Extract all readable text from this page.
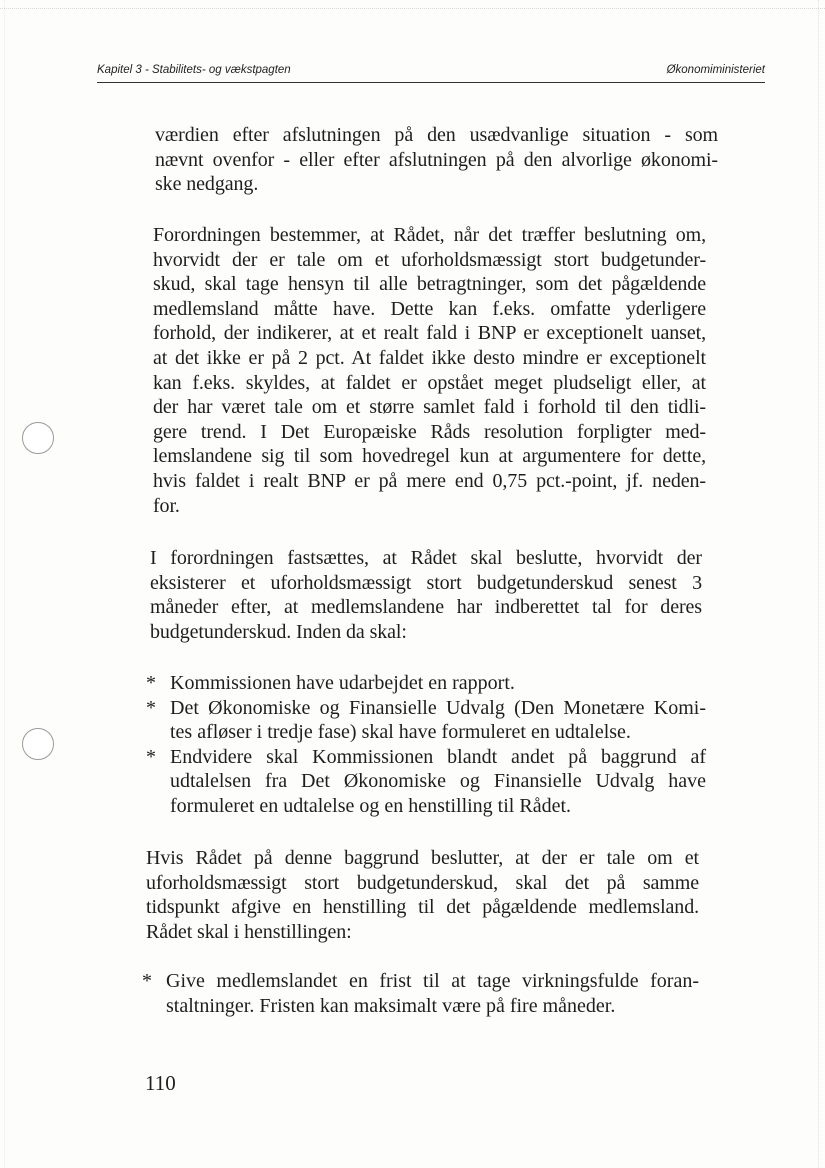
Kapitel 3 - Stabilitets- og vækstpagten	Økonomiministeriet
værdien efter afslutningen på den usædvanlige situation - som
nævnt ovenfor - eller efter afslutningen på den alvorlige økonomi-
ske nedgang.
Forordningen bestemmer, at Rådet, når det træffer beslutning om,
hvorvidt der er tale om et uforholdsmæssigt stort budgetunder-
skud, skal tage hensyn til alle betragtninger, som det pågældende
medlemsland måtte have. Dette kan f.eks. omfatte yderligere
forhold, der indikerer, at et realt fald i BNP er exceptionelt uanset,
at det ikke er på 2 pct. At faldet ikke desto mindre er exceptionelt
kan f.eks. skyldes, at faldet er opstået meget pludseligt eller, at
der har været tale om et større samlet fald i forhold til den tidli-
gere trend. I Det Europæiske Råds resolution forpligter med-
lemslandene sig til som hovedregel kun at argumentere for dette,
hvis faldet i realt BNP er på mere end 0,75 pct.-point, jf. neden-
for.
I forordningen fastsættes, at Rådet skal beslutte, hvorvidt der
eksisterer et uforholdsmæssigt stort budgetunderskud senest 3
måneder efter, at medlemslandene har indberettet tal for deres
budgetunderskud. Inden da skal:
* Kommissionen have udarbejdet en rapport.
* Det Økonomiske og Finansielle Udvalg (Den Monetære Komi-
tes afløser i tredje fase) skal have formuleret en udtalelse.
* Endvidere skal Kommissionen blandt andet på baggrund af
udtalelsen fra Det Økonomiske og Finansielle Udvalg have
formuleret en udtalelse og en henstilling til Rådet.
Hvis Rådet på denne baggrund beslutter, at der er tale om et
uforholdsmæssigt stort budgetunderskud, skal det på samme
tidspunkt afgive en henstilling til det pågældende medlemsland.
Rådet skal i henstillingen:
* Give medlemslandet en frist til at tage virkningsfulde foran-
staltninger. Fristen kan maksimalt være på fire måneder.
110
